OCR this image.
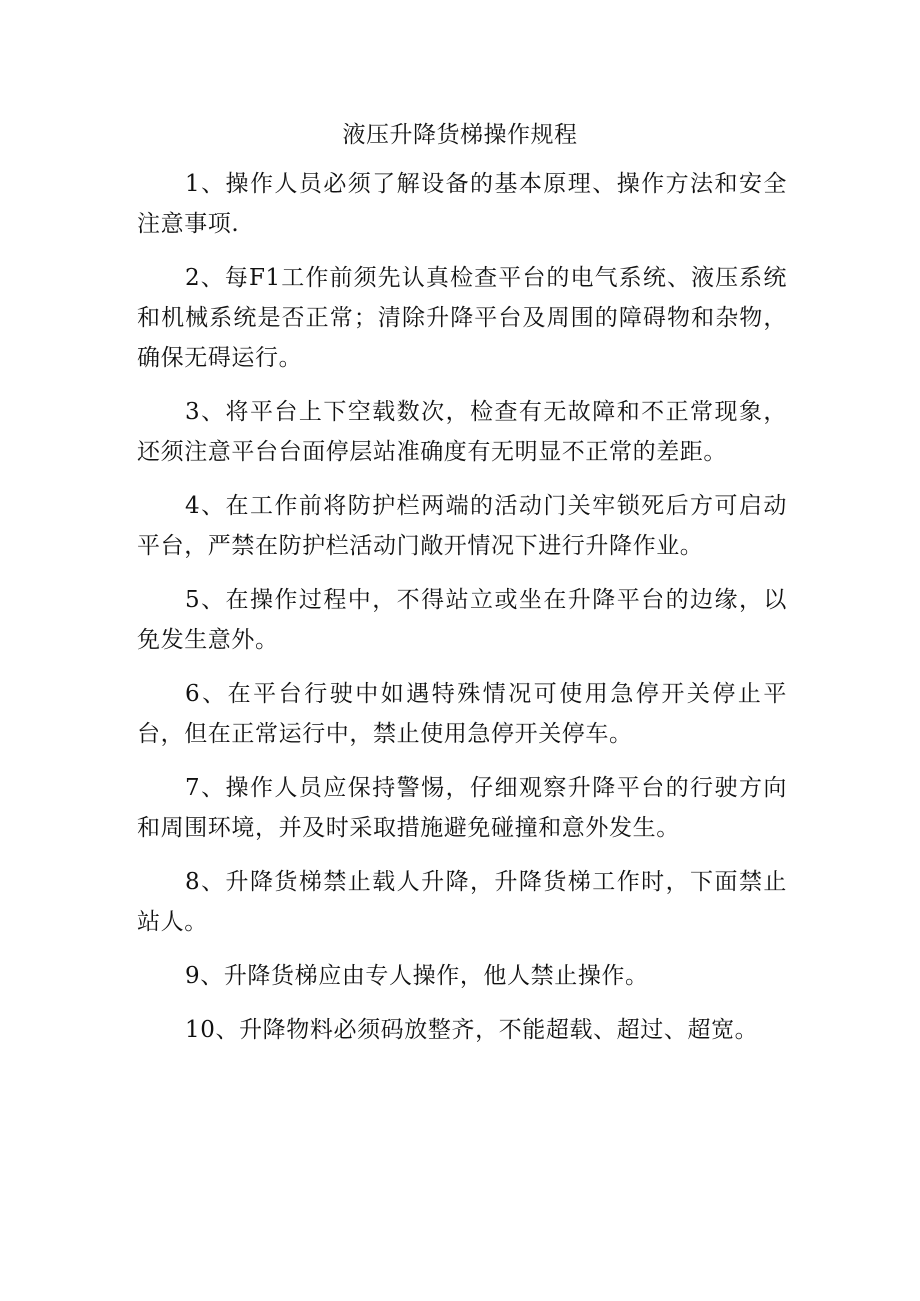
液压升降货梯操作规程
1、操作人员必须了解设备的基本原理、操作方法和安全注意事项.
2、每F1工作前须先认真检查平台的电气系统、液压系统和机械系统是否正常；清除升降平台及周围的障碍物和杂物，确保无碍运行。
3、将平台上下空载数次，检查有无故障和不正常现象，还须注意平台台面停层站准确度有无明显不正常的差距。
4、在工作前将防护栏两端的活动门关牢锁死后方可启动平台，严禁在防护栏活动门敞开情况下进行升降作业。
5、在操作过程中，不得站立或坐在升降平台的边缘，以免发生意外。
6、在平台行驶中如遇特殊情况可使用急停开关停止平台，但在正常运行中，禁止使用急停开关停车。
7、操作人员应保持警惕，仔细观察升降平台的行驶方向和周围环境，并及时采取措施避免碰撞和意外发生。
8、升降货梯禁止载人升降，升降货梯工作时，下面禁止站人。
9、升降货梯应由专人操作，他人禁止操作。
10、升降物料必须码放整齐，不能超载、超过、超宽。
